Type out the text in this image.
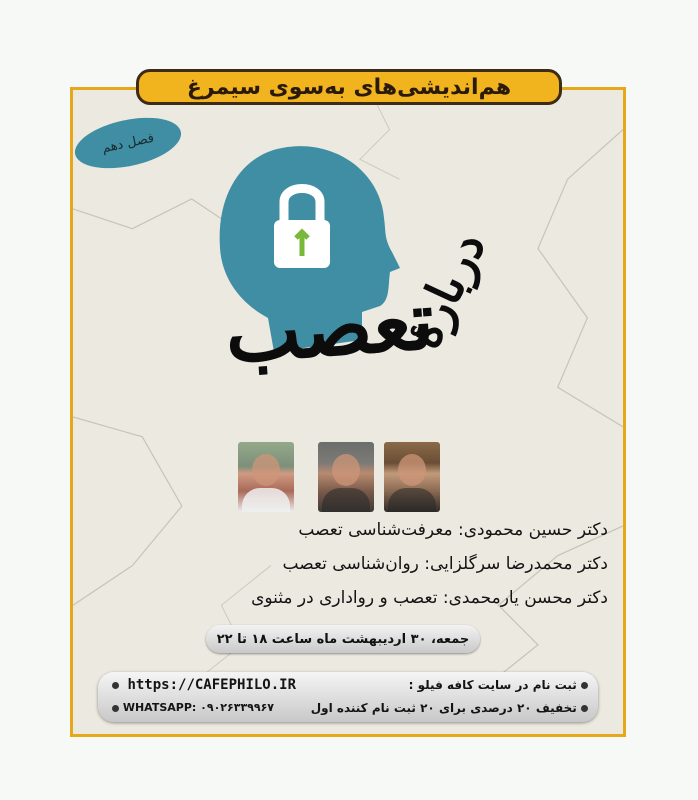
هم‌اندیشی‌های به‌سوی سیمرغ
فصل دهم
تعصب
دربارهٔ
دکتر حسین محمودی: معرفت‌شناسی تعصب
دکتر محمدرضا سرگلزایی: روان‌شناسی تعصب
دکتر محسن یارمحمدی: تعصب و رواداری در مثنوی
جمعه، ۳۰ اردیبهشت ماه ساعت ۱۸ تا ۲۲
https://CAFEPHILO.IR
WHATSAPP: ۰۹۰۲۶۳۳۹۹۶۷
ثبت نام در سایت کافه فیلو :
تخفیف ۲۰ درصدی برای ۲۰ ثبت نام کننده اول
